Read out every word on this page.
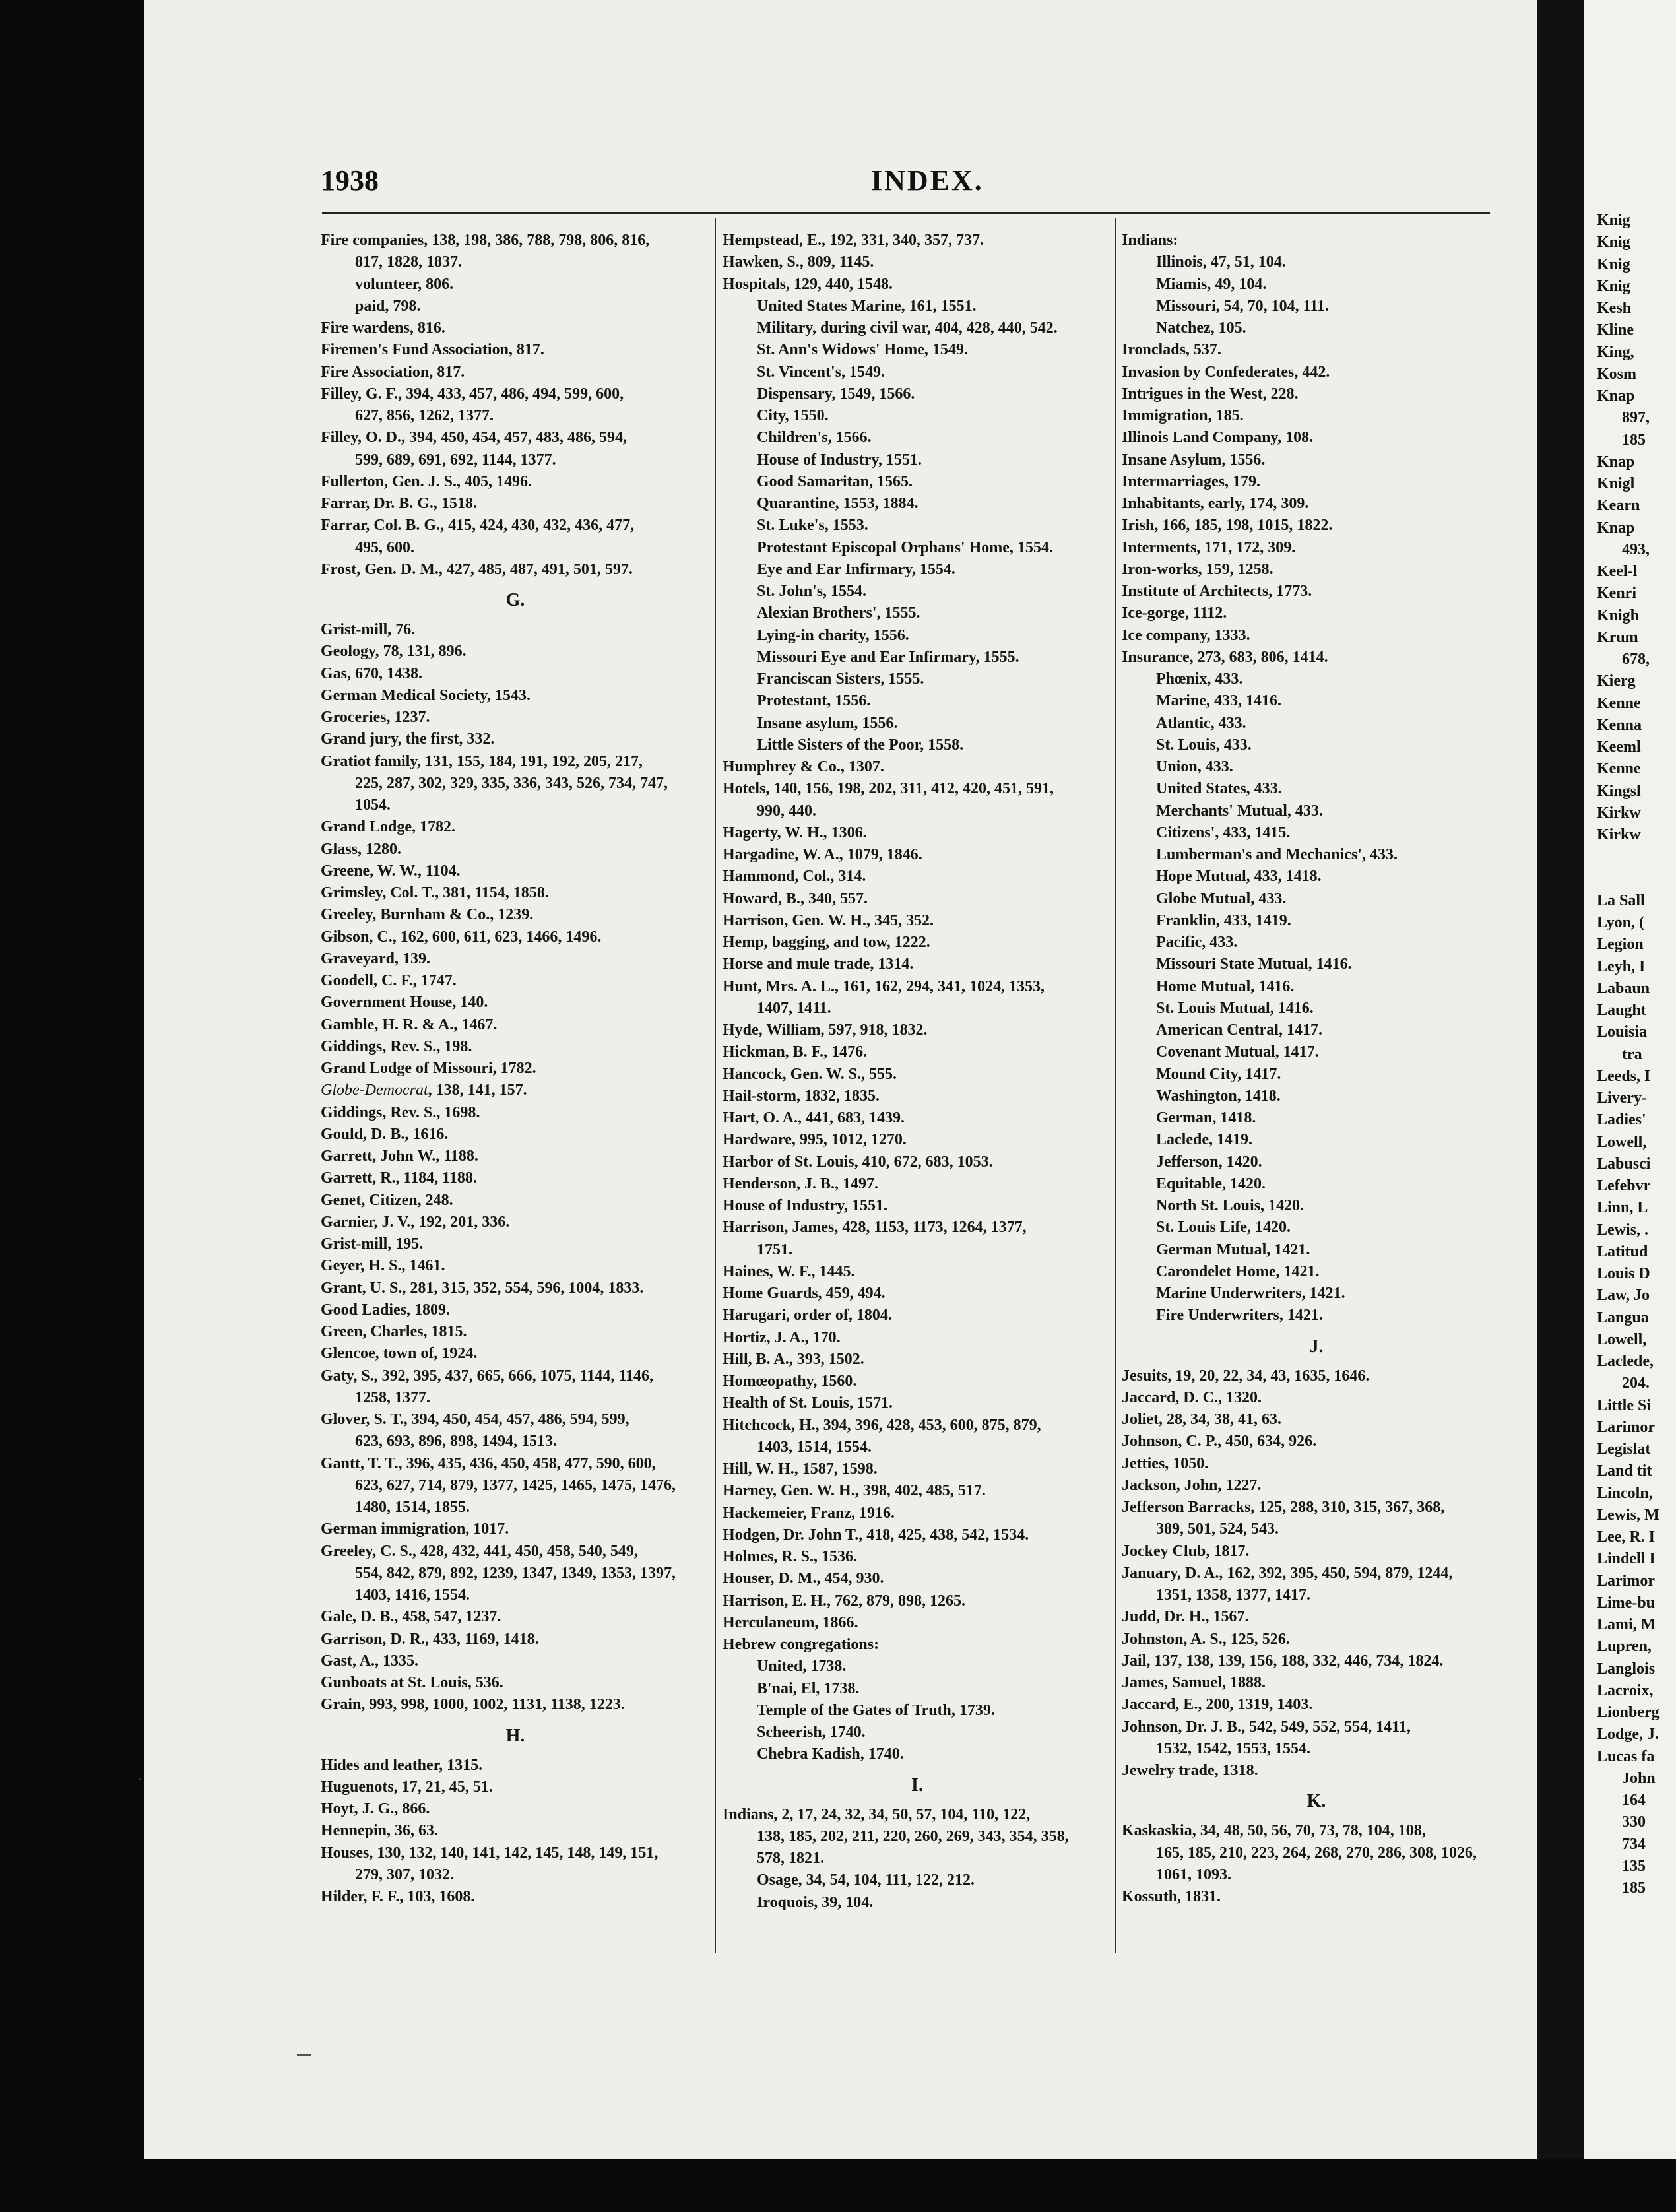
Knig
Knig
Knig
Knig
Kesh
Kline
King,
Kosm
Knap
897,
185
Knap
Knigl
Kearn
Knap
493,
Keel-l
Kenri
Knigh
Krum
678,
Kierg
Kenne
Kenna
Keeml
Kenne
Kingsl
Kirkw
Kirkw
La Sall
Lyon, (
Legion
Leyh, I
Labaun
Laught
Louisia
tra
Leeds, I
Livery-
Ladies'
Lowell,
Labusci
Lefebvr
Linn, L
Lewis, .
Latitud
Louis D
Law, Jo
Langua
Lowell,
Laclede,
204.
Little Si
Larimor
Legislat
Land tit
Lincoln,
Lewis, M
Lee, R. I
Lindell I
Larimor
Lime-bu
Lami, M
Lupren,
Langlois
Lacroix,
Lionberg
Lodge, J.
Lucas fa
John
164
330
734
135
185
1938	INDEX.
Fire companies, 138, 198, 386, 788, 798, 806, 816,
817, 1828, 1837.
volunteer, 806.
paid, 798.
Fire wardens, 816.
Firemen's Fund Association, 817.
Fire Association, 817.
Filley, G. F., 394, 433, 457, 486, 494, 599, 600,
627, 856, 1262, 1377.
Filley, O. D., 394, 450, 454, 457, 483, 486, 594,
599, 689, 691, 692, 1144, 1377.
Fullerton, Gen. J. S., 405, 1496.
Farrar, Dr. B. G., 1518.
Farrar, Col. B. G., 415, 424, 430, 432, 436, 477,
495, 600.
Frost, Gen. D. M., 427, 485, 487, 491, 501, 597.
G.
Grist-mill, 76.
Geology, 78, 131, 896.
Gas, 670, 1438.
German Medical Society, 1543.
Groceries, 1237.
Grand jury, the first, 332.
Gratiot family, 131, 155, 184, 191, 192, 205, 217,
225, 287, 302, 329, 335, 336, 343, 526, 734, 747,
1054.
Grand Lodge, 1782.
Glass, 1280.
Greene, W. W., 1104.
Grimsley, Col. T., 381, 1154, 1858.
Greeley, Burnham & Co., 1239.
Gibson, C., 162, 600, 611, 623, 1466, 1496.
Graveyard, 139.
Goodell, C. F., 1747.
Government House, 140.
Gamble, H. R. & A., 1467.
Giddings, Rev. S., 198.
Grand Lodge of Missouri, 1782.
Globe-Democrat, 138, 141, 157.
Giddings, Rev. S., 1698.
Gould, D. B., 1616.
Garrett, John W., 1188.
Garrett, R., 1184, 1188.
Genet, Citizen, 248.
Garnier, J. V., 192, 201, 336.
Grist-mill, 195.
Geyer, H. S., 1461.
Grant, U. S., 281, 315, 352, 554, 596, 1004, 1833.
Good Ladies, 1809.
Green, Charles, 1815.
Glencoe, town of, 1924.
Gaty, S., 392, 395, 437, 665, 666, 1075, 1144, 1146,
1258, 1377.
Glover, S. T., 394, 450, 454, 457, 486, 594, 599,
623, 693, 896, 898, 1494, 1513.
Gantt, T. T., 396, 435, 436, 450, 458, 477, 590, 600,
623, 627, 714, 879, 1377, 1425, 1465, 1475, 1476,
1480, 1514, 1855.
German immigration, 1017.
Greeley, C. S., 428, 432, 441, 450, 458, 540, 549,
554, 842, 879, 892, 1239, 1347, 1349, 1353, 1397,
1403, 1416, 1554.
Gale, D. B., 458, 547, 1237.
Garrison, D. R., 433, 1169, 1418.
Gast, A., 1335.
Gunboats at St. Louis, 536.
Grain, 993, 998, 1000, 1002, 1131, 1138, 1223.
H.
Hides and leather, 1315.
Huguenots, 17, 21, 45, 51.
Hoyt, J. G., 866.
Hennepin, 36, 63.
Houses, 130, 132, 140, 141, 142, 145, 148, 149, 151,
279, 307, 1032.
Hilder, F. F., 103, 1608.
Hempstead, E., 192, 331, 340, 357, 737.
Hawken, S., 809, 1145.
Hospitals, 129, 440, 1548.
United States Marine, 161, 1551.
Military, during civil war, 404, 428, 440, 542.
St. Ann's Widows' Home, 1549.
St. Vincent's, 1549.
Dispensary, 1549, 1566.
City, 1550.
Children's, 1566.
House of Industry, 1551.
Good Samaritan, 1565.
Quarantine, 1553, 1884.
St. Luke's, 1553.
Protestant Episcopal Orphans' Home, 1554.
Eye and Ear Infirmary, 1554.
St. John's, 1554.
Alexian Brothers', 1555.
Lying-in charity, 1556.
Missouri Eye and Ear Infirmary, 1555.
Franciscan Sisters, 1555.
Protestant, 1556.
Insane asylum, 1556.
Little Sisters of the Poor, 1558.
Humphrey & Co., 1307.
Hotels, 140, 156, 198, 202, 311, 412, 420, 451, 591,
990, 440.
Hagerty, W. H., 1306.
Hargadine, W. A., 1079, 1846.
Hammond, Col., 314.
Howard, B., 340, 557.
Harrison, Gen. W. H., 345, 352.
Hemp, bagging, and tow, 1222.
Horse and mule trade, 1314.
Hunt, Mrs. A. L., 161, 162, 294, 341, 1024, 1353,
1407, 1411.
Hyde, William, 597, 918, 1832.
Hickman, B. F., 1476.
Hancock, Gen. W. S., 555.
Hail-storm, 1832, 1835.
Hart, O. A., 441, 683, 1439.
Hardware, 995, 1012, 1270.
Harbor of St. Louis, 410, 672, 683, 1053.
Henderson, J. B., 1497.
House of Industry, 1551.
Harrison, James, 428, 1153, 1173, 1264, 1377,
1751.
Haines, W. F., 1445.
Home Guards, 459, 494.
Harugari, order of, 1804.
Hortiz, J. A., 170.
Hill, B. A., 393, 1502.
Homœopathy, 1560.
Health of St. Louis, 1571.
Hitchcock, H., 394, 396, 428, 453, 600, 875, 879,
1403, 1514, 1554.
Hill, W. H., 1587, 1598.
Harney, Gen. W. H., 398, 402, 485, 517.
Hackemeier, Franz, 1916.
Hodgen, Dr. John T., 418, 425, 438, 542, 1534.
Holmes, R. S., 1536.
Houser, D. M., 454, 930.
Harrison, E. H., 762, 879, 898, 1265.
Herculaneum, 1866.
Hebrew congregations:
United, 1738.
B'nai, El, 1738.
Temple of the Gates of Truth, 1739.
Scheerish, 1740.
Chebra Kadish, 1740.
I.
Indians, 2, 17, 24, 32, 34, 50, 57, 104, 110, 122,
138, 185, 202, 211, 220, 260, 269, 343, 354, 358,
578, 1821.
Osage, 34, 54, 104, 111, 122, 212.
Iroquois, 39, 104.
Indians:
Illinois, 47, 51, 104.
Miamis, 49, 104.
Missouri, 54, 70, 104, 111.
Natchez, 105.
Ironclads, 537.
Invasion by Confederates, 442.
Intrigues in the West, 228.
Immigration, 185.
Illinois Land Company, 108.
Insane Asylum, 1556.
Intermarriages, 179.
Inhabitants, early, 174, 309.
Irish, 166, 185, 198, 1015, 1822.
Interments, 171, 172, 309.
Iron-works, 159, 1258.
Institute of Architects, 1773.
Ice-gorge, 1112.
Ice company, 1333.
Insurance, 273, 683, 806, 1414.
Phœnix, 433.
Marine, 433, 1416.
Atlantic, 433.
St. Louis, 433.
Union, 433.
United States, 433.
Merchants' Mutual, 433.
Citizens', 433, 1415.
Lumberman's and Mechanics', 433.
Hope Mutual, 433, 1418.
Globe Mutual, 433.
Franklin, 433, 1419.
Pacific, 433.
Missouri State Mutual, 1416.
Home Mutual, 1416.
St. Louis Mutual, 1416.
American Central, 1417.
Covenant Mutual, 1417.
Mound City, 1417.
Washington, 1418.
German, 1418.
Laclede, 1419.
Jefferson, 1420.
Equitable, 1420.
North St. Louis, 1420.
St. Louis Life, 1420.
German Mutual, 1421.
Carondelet Home, 1421.
Marine Underwriters, 1421.
Fire Underwriters, 1421.
J.
Jesuits, 19, 20, 22, 34, 43, 1635, 1646.
Jaccard, D. C., 1320.
Joliet, 28, 34, 38, 41, 63.
Johnson, C. P., 450, 634, 926.
Jetties, 1050.
Jackson, John, 1227.
Jefferson Barracks, 125, 288, 310, 315, 367, 368,
389, 501, 524, 543.
Jockey Club, 1817.
January, D. A., 162, 392, 395, 450, 594, 879, 1244,
1351, 1358, 1377, 1417.
Judd, Dr. H., 1567.
Johnston, A. S., 125, 526.
Jail, 137, 138, 139, 156, 188, 332, 446, 734, 1824.
James, Samuel, 1888.
Jaccard, E., 200, 1319, 1403.
Johnson, Dr. J. B., 542, 549, 552, 554, 1411,
1532, 1542, 1553, 1554.
Jewelry trade, 1318.
K.
Kaskaskia, 34, 48, 50, 56, 70, 73, 78, 104, 108,
165, 185, 210, 223, 264, 268, 270, 286, 308, 1026,
1061, 1093.
Kossuth, 1831.
·
